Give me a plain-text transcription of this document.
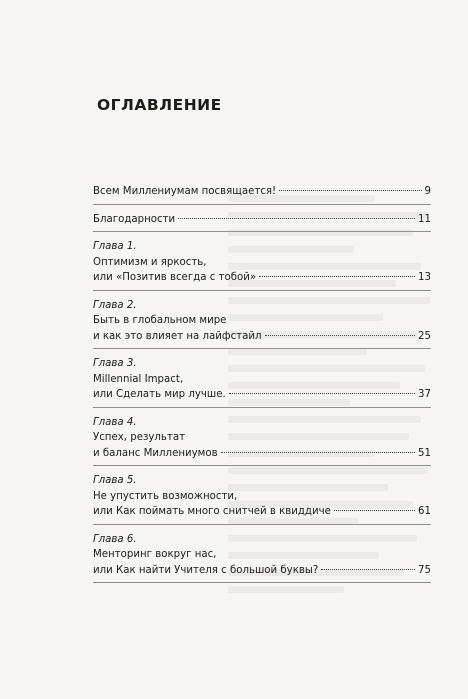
ОГЛАВЛЕНИЕ
Всем Миллениумам посвящается!	9
Благодарности	11
Глава 1.
Оптимизм и яркость,
или «Позитив всегда с тобой»	13
Глава 2.
Быть в глобальном мире
и как это влияет на лайфстайл	25
Глава 3.
Millennial Impact,
или Сделать мир лучше.	37
Глава 4.
Успех, результат
и баланс Миллениумов	51
Глава 5.
Не упустить возможности,
или Как поймать много снитчей в квиддиче	61
Глава 6.
Менторинг вокруг нас,
или Как найти Учителя с большой буквы?	75
